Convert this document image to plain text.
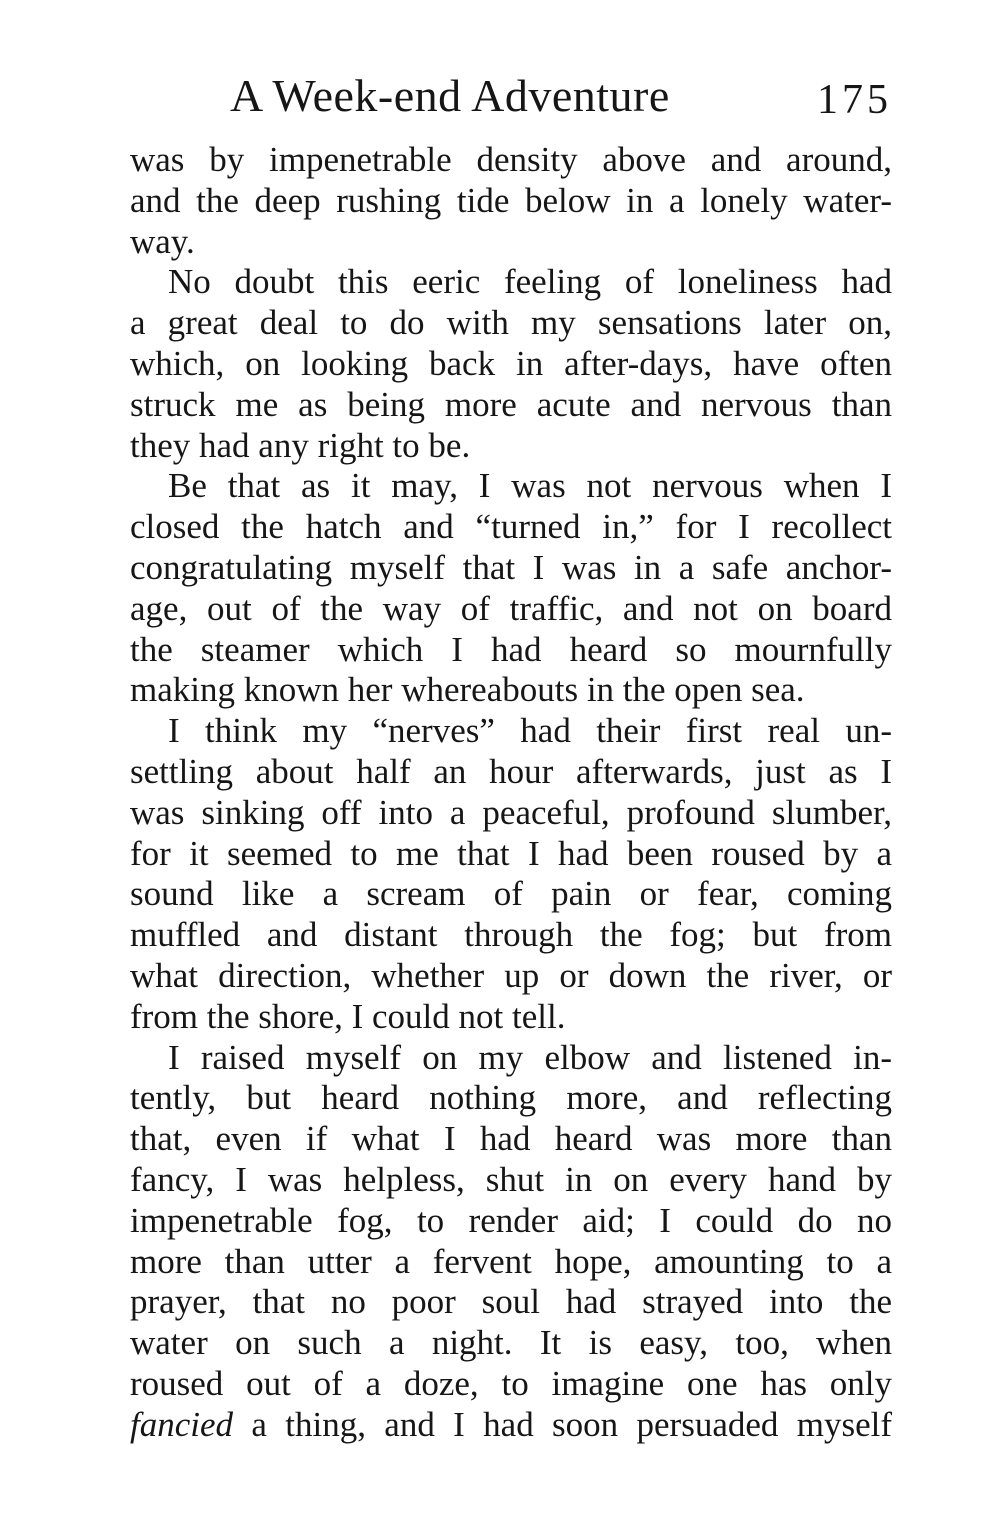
A Week-end Adventure	175
was by impenetrable density above and around,
and the deep rushing tide below in a lonely water-
way.
No doubt this eeric feeling of loneliness had
a great deal to do with my sensations later on,
which, on looking back in after-days, have often
struck me as being more acute and nervous than
they had any right to be.
Be that as it may, I was not nervous when I
closed the hatch and “turned in,” for I recollect
congratulating myself that I was in a safe anchor-
age, out of the way of traffic, and not on board
the steamer which I had heard so mournfully
making known her whereabouts in the open sea.
I think my “nerves” had their first real un-
settling about half an hour afterwards, just as I
was sinking off into a peaceful, profound slumber,
for it seemed to me that I had been roused by a
sound like a scream of pain or fear, coming
muffled and distant through the fog; but from
what direction, whether up or down the river, or
from the shore, I could not tell.
I raised myself on my elbow and listened in-
tently, but heard nothing more, and reflecting
that, even if what I had heard was more than
fancy, I was helpless, shut in on every hand by
impenetrable fog, to render aid; I could do no
more than utter a fervent hope, amounting to a
prayer, that no poor soul had strayed into the
water on such a night. It is easy, too, when
roused out of a doze, to imagine one has only
fancied a thing, and I had soon persuaded myself
